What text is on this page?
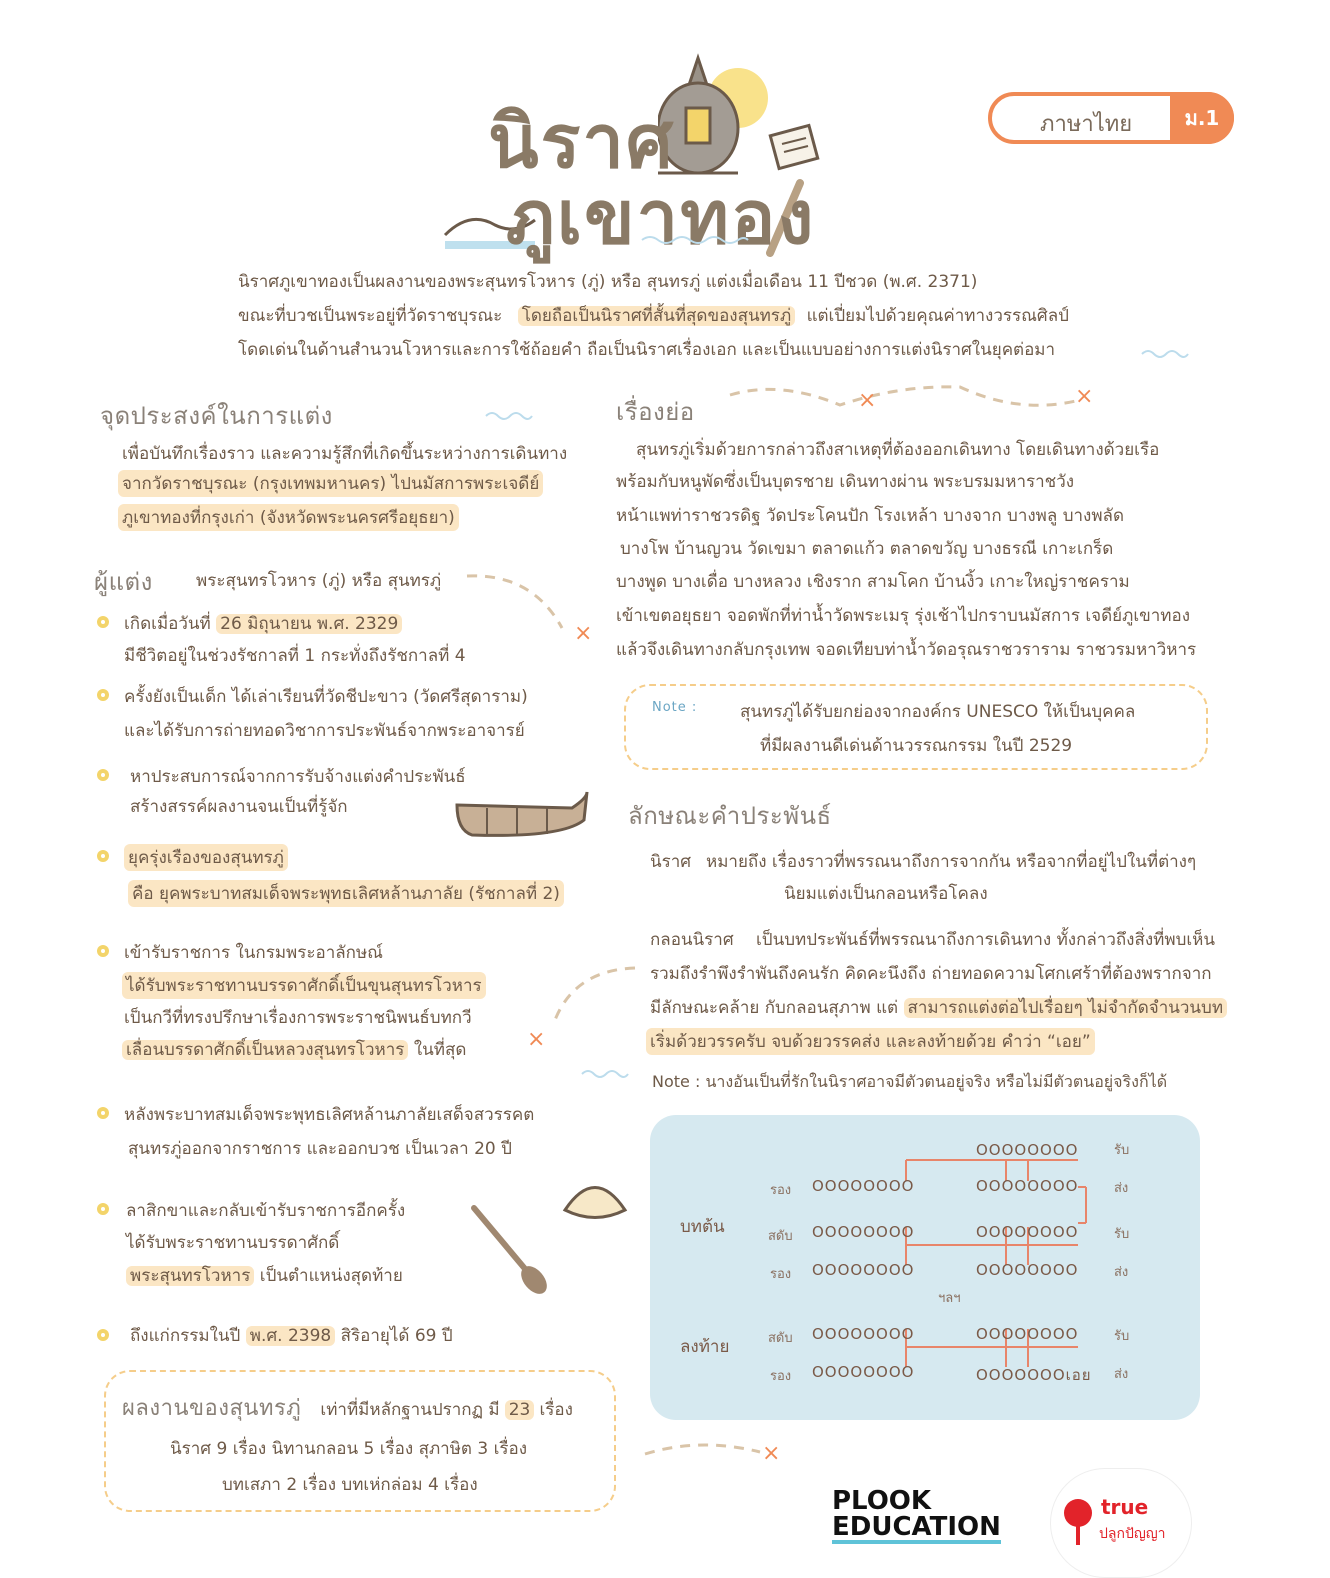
นิราศ
ภูเขาทอง
ภาษาไทย	ม.1
นิราศภูเขาทองเป็นผลงานของพระสุนทรโวหาร (ภู่) หรือ สุนทรภู่ แต่งเมื่อเดือน 11 ปีชวด (พ.ศ. 2371)
ขณะที่บวชเป็นพระอยู่ที่วัดราชบุรณะ โดยถือเป็นนิราศที่สั้นที่สุดของสุนทรภู่ แต่เปี่ยมไปด้วยคุณค่าทางวรรณศิลป์
โดดเด่นในด้านสำนวนโวหารและการใช้ถ้อยคำ ถือเป็นนิราศเรื่องเอก และเป็นแบบอย่างการแต่งนิราศในยุคต่อมา
จุดประสงค์ในการแต่ง
เพื่อบันทึกเรื่องราว และความรู้สึกที่เกิดขึ้นระหว่างการเดินทาง
จากวัดราชบุรณะ (กรุงเทพมหานคร) ไปนมัสการพระเจดีย์
ภูเขาทองที่กรุงเก่า (จังหวัดพระนครศรีอยุธยา)
ผู้แต่ง	พระสุนทรโวหาร (ภู่) หรือ สุนทรภู่
เกิดเมื่อวันที่ 26 มิถุนายน พ.ศ. 2329
มีชีวิตอยู่ในช่วงรัชกาลที่ 1 กระทั่งถึงรัชกาลที่ 4
ครั้งยังเป็นเด็ก ได้เล่าเรียนที่วัดชีปะขาว (วัดศรีสุดาราม)
และได้รับการถ่ายทอดวิชาการประพันธ์จากพระอาจารย์
หาประสบการณ์จากการรับจ้างแต่งคำประพันธ์
สร้างสรรค์ผลงานจนเป็นที่รู้จัก
ยุครุ่งเรืองของสุนทรภู่
คือ ยุคพระบาทสมเด็จพระพุทธเลิศหล้านภาลัย (รัชกาลที่ 2)
เข้ารับราชการ ในกรมพระอาลักษณ์
ได้รับพระราชทานบรรดาศักดิ์เป็นขุนสุนทรโวหาร
เป็นกวีที่ทรงปรึกษาเรื่องการพระราชนิพนธ์บทกวี
เลื่อนบรรดาศักดิ์เป็นหลวงสุนทรโวหาร ในที่สุด
หลังพระบาทสมเด็จพระพุทธเลิศหล้านภาลัยเสด็จสวรรคต
สุนทรภู่ออกจากราชการ และออกบวช เป็นเวลา 20 ปี
ลาสิกขาและกลับเข้ารับราชการอีกครั้ง
ได้รับพระราชทานบรรดาศักดิ์
พระสุนทรโวหาร เป็นตำแหน่งสุดท้าย
ถึงแก่กรรมในปี พ.ศ. 2398 สิริอายุได้ 69 ปี
ผลงานของสุนทรภู่ เท่าที่มีหลักฐานปรากฏ มี 23 เรื่อง
นิราศ 9 เรื่อง นิทานกลอน 5 เรื่อง สุภาษิต 3 เรื่อง
บทเสภา 2 เรื่อง บทเห่กล่อม 4 เรื่อง
×	×
×
×
×
เรื่องย่อ
สุนทรภู่เริ่มด้วยการกล่าวถึงสาเหตุที่ต้องออกเดินทาง โดยเดินทางด้วยเรือ
พร้อมกับหนูพัดซึ่งเป็นบุตรชาย เดินทางผ่าน พระบรมมหาราชวัง
หน้าแพท่าราชวรดิฐ วัดประโคนปัก โรงเหล้า บางจาก บางพลู บางพลัด
บางโพ บ้านญวน วัดเขมา ตลาดแก้ว ตลาดขวัญ บางธรณี เกาะเกร็ด
บางพูด บางเดื่อ บางหลวง เชิงราก สามโคก บ้านงิ้ว เกาะใหญ่ราชคราม
เข้าเขตอยุธยา จอดพักที่ท่าน้ำวัดพระเมรุ รุ่งเช้าไปกราบนมัสการ เจดีย์ภูเขาทอง
แล้วจึงเดินทางกลับกรุงเทพ จอดเทียบท่าน้ำวัดอรุณราชวราราม ราชวรมหาวิหาร
Note :	สุนทรภู่ได้รับยกย่องจากองค์กร UNESCO ให้เป็นบุคคล
ที่มีผลงานดีเด่นด้านวรรณกรรม ในปี 2529
ลักษณะคำประพันธ์
นิราศ หมายถึง เรื่องราวที่พรรณนาถึงการจากกัน หรือจากที่อยู่ไปในที่ต่างๆ
นิยมแต่งเป็นกลอนหรือโคลง
กลอนนิราศ เป็นบทประพันธ์ที่พรรณนาถึงการเดินทาง ทั้งกล่าวถึงสิ่งที่พบเห็น
รวมถึงรำพึงรำพันถึงคนรัก คิดคะนึงถึง ถ่ายทอดความโศกเศร้าที่ต้องพรากจาก
มีลักษณะคล้าย กับกลอนสุภาพ แต่ สามารถแต่งต่อไปเรื่อยๆ ไม่จำกัดจำนวนบท
เริ่มด้วยวรรครับ จบด้วยวรรคส่ง และลงท้ายด้วย คำว่า “เอย”
Note : นางอันเป็นที่รักในนิราศอาจมีตัวตนอยู่จริง หรือไม่มีตัวตนอยู่จริงก็ได้
OOOOOOOO	รับ
รอง OOOOOOOO	OOOOOOOO	ส่ง
บทต้น	สดับ OOOOOOOO	OOOOOOOO	รับ
รอง OOOOOOOO	OOOOOOOO	ส่ง
ฯลฯ
ลงท้าย	สดับ OOOOOOOO	OOOOOOOO	รับ
รอง OOOOOOOO	OOOOOOOเอย ส่ง
PLOOK
EDUCATION
true
ปลูกปัญญา
